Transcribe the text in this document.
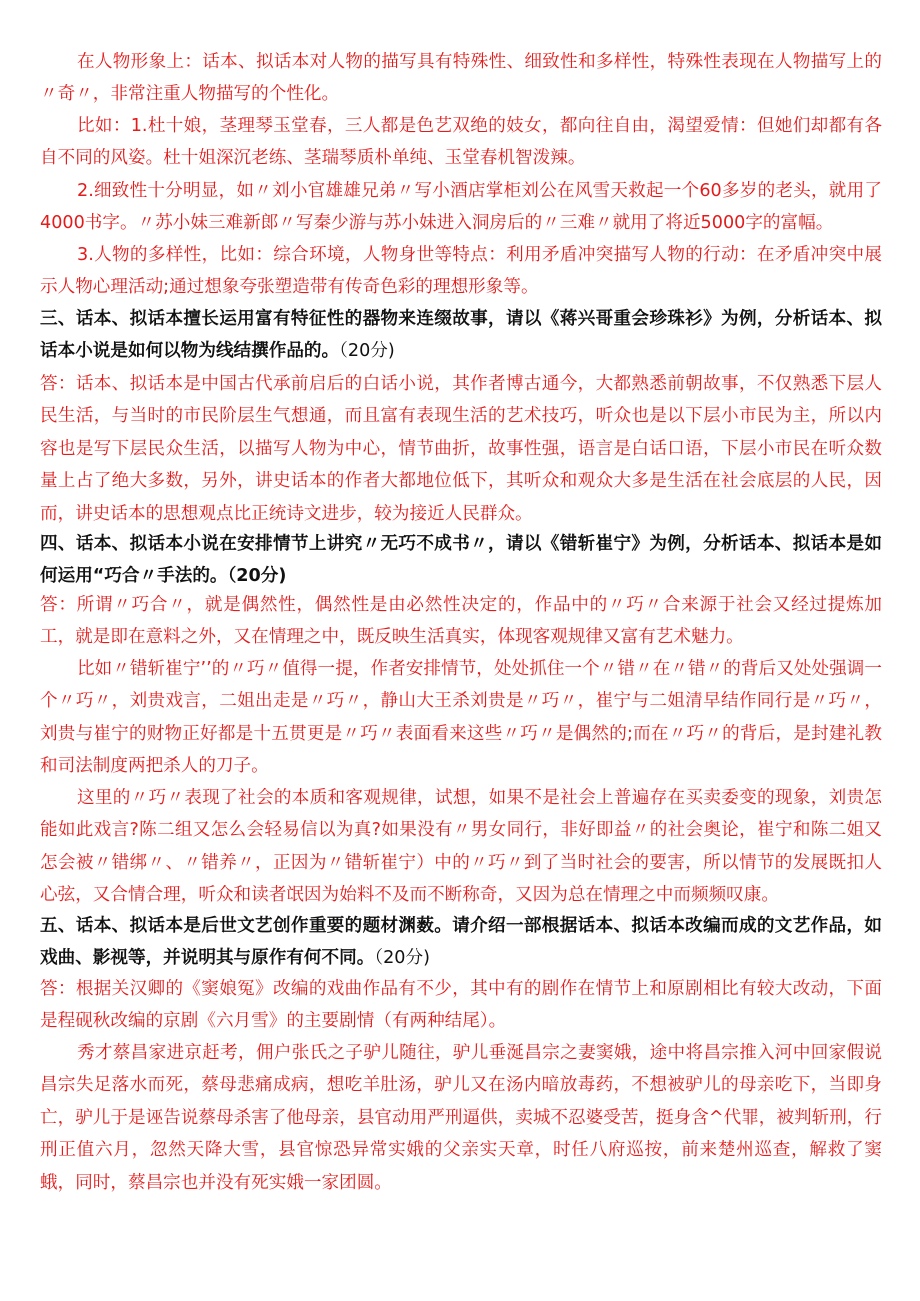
在人物形象上：话本、拟话本对人物的描写具有特殊性、细致性和多样性，特殊性表现在人物描写上的〃奇〃，非常注重人物描写的个性化。
比如：1.杜十娘，茎理琴玉堂春，三人都是色艺双绝的妓女，都向往自由，渴望爱情：但她们却都有各自不同的风姿。杜十姐深沉老练、茎瑞琴质朴单纯、玉堂春机智泼辣。
2.细致性十分明显，如〃刘小官雄雄兄弟〃写小酒店掌柜刘公在风雪天救起一个60多岁的老头，就用了4000书字。〃苏小妹三难新郎〃写秦少游与苏小妹进入洞房后的〃三难〃就用了将近5000字的富幅。
3.人物的多样性，比如：综合环境，人物身世等特点：利用矛盾冲突描写人物的行动：在矛盾冲突中展示人物心理活动;通过想象夸张塑造带有传奇色彩的理想形象等。
三、话本、拟话本擅长运用富有特征性的器物来连缀故事，请以《蒋兴哥重会珍珠衫》为例，分析话本、拟话本小说是如何以物为线结撰作品的。（20分)
答：话本、拟话本是中国古代承前启后的白话小说，其作者博古通今，大都熟悉前朝故事，不仅熟悉下层人民生活，与当时的市民阶层生气想通，而且富有表现生活的艺术技巧，听众也是以下层小市民为主，所以内容也是写下层民众生活，以描写人物为中心，情节曲折，故事性强，语言是白话口语，下层小市民在听众数量上占了绝大多数，另外，讲史话本的作者大都地位低下，其听众和观众大多是生活在社会底层的人民，因而，讲史话本的思想观点比正统诗文进步，较为接近人民群众。
四、话本、拟话本小说在安排情节上讲究〃无巧不成书〃，请以《错斩崔宁》为例，分析话本、拟话本是如何运用“巧合〃手法的。（20分)
答：所谓〃巧合〃，就是偶然性，偶然性是由必然性决定的，作品中的〃巧〃合来源于社会又经过提炼加工，就是即在意料之外，又在情理之中，既反映生活真实，体现客观规律又富有艺术魅力。
比如〃错斩崔宁’’的〃巧〃值得一提，作者安排情节，处处抓住一个〃错〃在〃错〃的背后又处处强调一个〃巧〃，刘贵戏言，二姐出走是〃巧〃，静山大王杀刘贵是〃巧〃，崔宁与二姐清早结作同行是〃巧〃，刘贵与崔宁的财物正好都是十五贯更是〃巧〃表面看来这些〃巧〃是偶然的;而在〃巧〃的背后，是封建礼教和司法制度两把杀人的刀子。
这里的〃巧〃表现了社会的本质和客观规律，试想，如果不是社会上普遍存在买卖委变的现象，刘贵怎能如此戏言?陈二组又怎么会轻易信以为真?如果没有〃男女同行，非好即益〃的社会奥论，崔宁和陈二姐又怎会被〃错绑〃、〃错养〃，正因为〃错斩崔宁）中的〃巧〃到了当时社会的要害，所以情节的发展既扣人心弦，又合情合理，听众和读者氓因为始料不及而不断称奇，又因为总在情理之中而频频叹康。
五、话本、拟话本是后世文艺创作重要的题材渊薮。请介绍一部根据话本、拟话本改编而成的文艺作品，如戏曲、影视等，并说明其与原作有何不同。（20分)
答：根据关汉卿的《窦娘冤》改编的戏曲作品有不少，其中有的剧作在情节上和原剧相比有较大改动，下面是程砚秋改编的京剧《六月雪》的主要剧情（有两种结尾）。
秀才蔡昌家进京赶考，佣户张氏之子驴儿随往，驴儿垂涎昌宗之妻窦娥，途中将昌宗推入河中回家假说昌宗失足落水而死，蔡母悲痛成病，想吃羊肚汤，驴儿又在汤内暗放毒药，不想被驴儿的母亲吃下，当即身亡，驴儿于是诬告说蔡母杀害了他母亲，县官动用严刑逼供，卖城不忍婆受苦，挺身含^代罪，被判斩刑，行刑正值六月，忽然天降大雪，县官惊恐异常实娥的父亲实天章，时任八府巡按，前来楚州巡查，解救了窦蛾，同时，蔡昌宗也并没有死实娥一家团圆。
